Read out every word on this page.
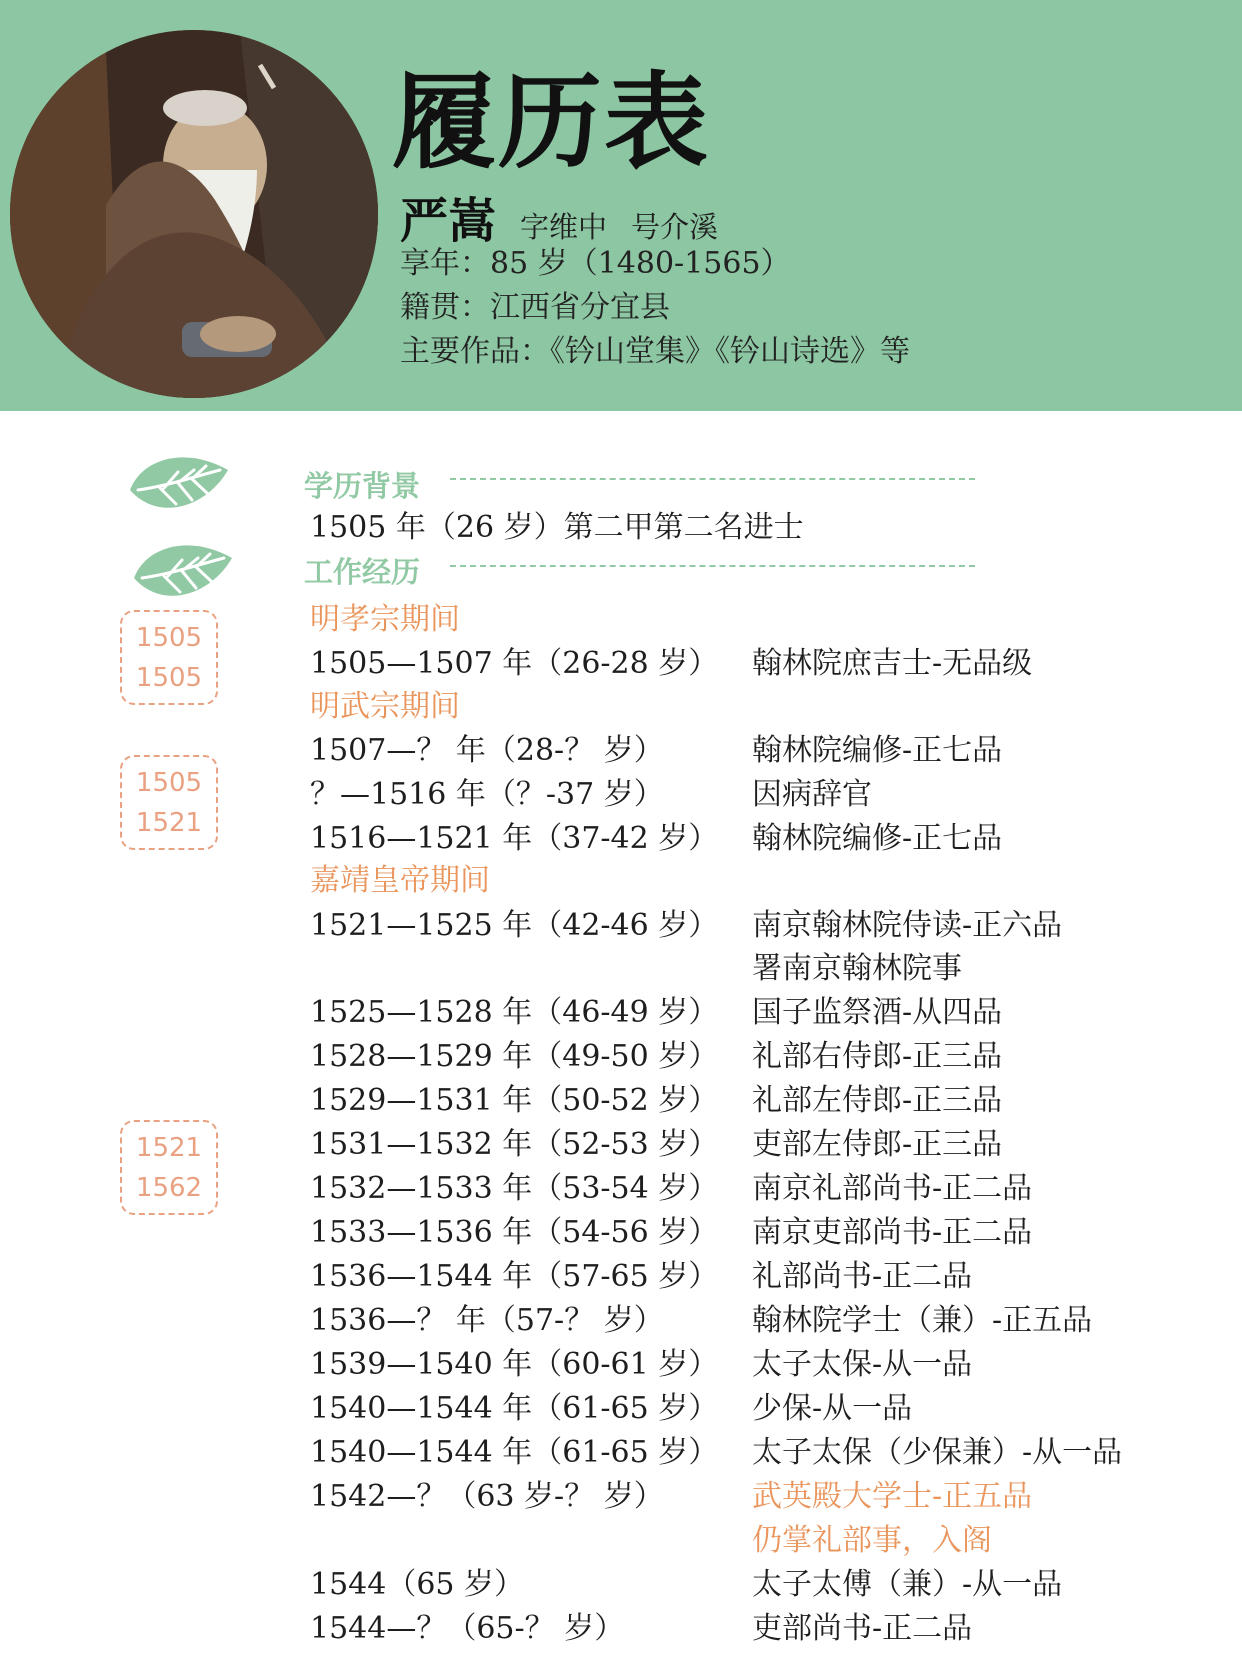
履历表
严嵩 字维中 号介溪
享年：85 岁（1480-1565）
籍贯：江西省分宜县
主要作品：《钤山堂集》《钤山诗选》等
学历背景
1505 年（26 岁）第二甲第二名进士
工作经历
明孝宗期间
明武宗期间
嘉靖皇帝期间
1505
1505
1505
1521
1521
1562
1505—1507 年（26-28 岁） 翰林院庶吉士-无品级
1507—？ 年（28-？ 岁）	翰林院编修-正七品
？—1516 年（？-37 岁）	因病辞官
1516—1521 年（37-42 岁） 翰林院编修-正七品
1521—1525 年（42-46 岁） 南京翰林院侍读-正六品
署南京翰林院事
1525—1528 年（46-49 岁） 国子监祭酒-从四品
1528—1529 年（49-50 岁） 礼部右侍郎-正三品
1529—1531 年（50-52 岁） 礼部左侍郎-正三品
1531—1532 年（52-53 岁） 吏部左侍郎-正三品
1532—1533 年（53-54 岁） 南京礼部尚书-正二品
1533—1536 年（54-56 岁） 南京吏部尚书-正二品
1536—1544 年（57-65 岁） 礼部尚书-正二品
1536—？ 年（57-？ 岁）	翰林院学士（兼）-正五品
1539—1540 年（60-61 岁） 太子太保-从一品
1540—1544 年（61-65 岁） 少保-从一品
1540—1544 年（61-65 岁） 太子太保（少保兼）-从一品
1542—？（63 岁-？ 岁）	武英殿大学士-正五品
仍掌礼部事，入阁
1544（65 岁）	太子太傅（兼）-从一品
1544—？（65-？ 岁）	吏部尚书-正二品
